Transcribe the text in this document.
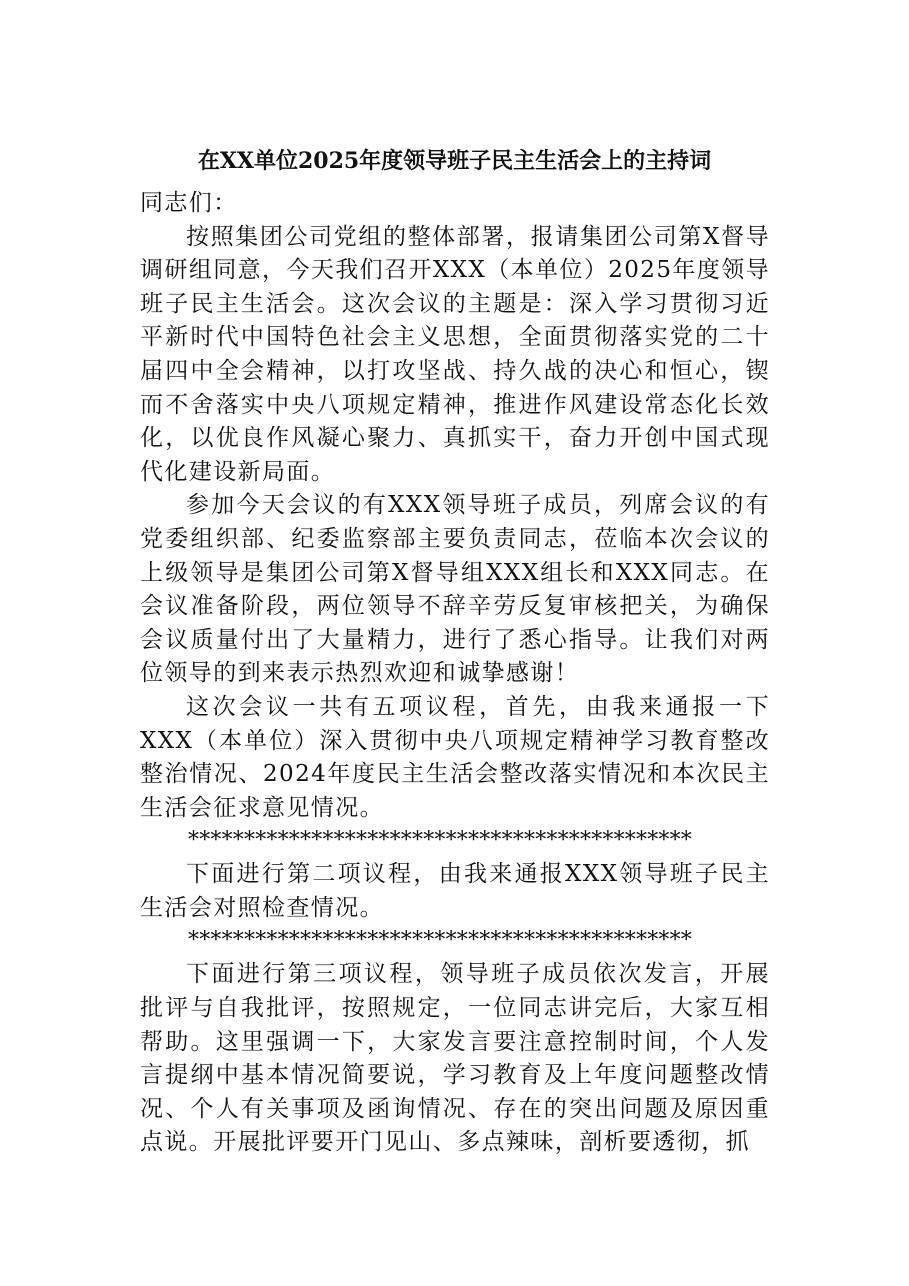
在XX单位2025年度领导班子民主生活会上的主持词

同志们：

按照集团公司党组的整体部署，报请集团公司第X督导调研组同意，今天我们召开XXX（本单位）2025年度领导班子民主生活会。这次会议的主题是：深入学习贯彻习近平新时代中国特色社会主义思想，全面贯彻落实党的二十届四中全会精神，以打攻坚战、持久战的决心和恒心，锲而不舍落实中央八项规定精神，推进作风建设常态化长效化，以优良作风凝心聚力、真抓实干，奋力开创中国式现代化建设新局面。

参加今天会议的有XXX领导班子成员，列席会议的有党委组织部、纪委监察部主要负责同志，莅临本次会议的上级领导是集团公司第X督导组XXX组长和XXX同志。在会议准备阶段，两位领导不辞辛劳反复审核把关，为确保会议质量付出了大量精力，进行了悉心指导。让我们对两位领导的到来表示热烈欢迎和诚挚感谢！

这次会议一共有五项议程，首先，由我来通报一下XXX（本单位）深入贯彻中央八项规定精神学习教育整改整治情况、2024年度民主生活会整改落实情况和本次民主生活会征求意见情况。

*********************************************

下面进行第二项议程，由我来通报XXX领导班子民主生活会对照检查情况。

*********************************************

下面进行第三项议程，领导班子成员依次发言，开展批评与自我批评，按照规定，一位同志讲完后，大家互相帮助。这里强调一下，大家发言要注意控制时间，个人发言提纲中基本情况简要说，学习教育及上年度问题整改情况、个人有关事项及函询情况、存在的突出问题及原因重点说。开展批评要开门见山、多点辣味，剖析要透彻，抓
